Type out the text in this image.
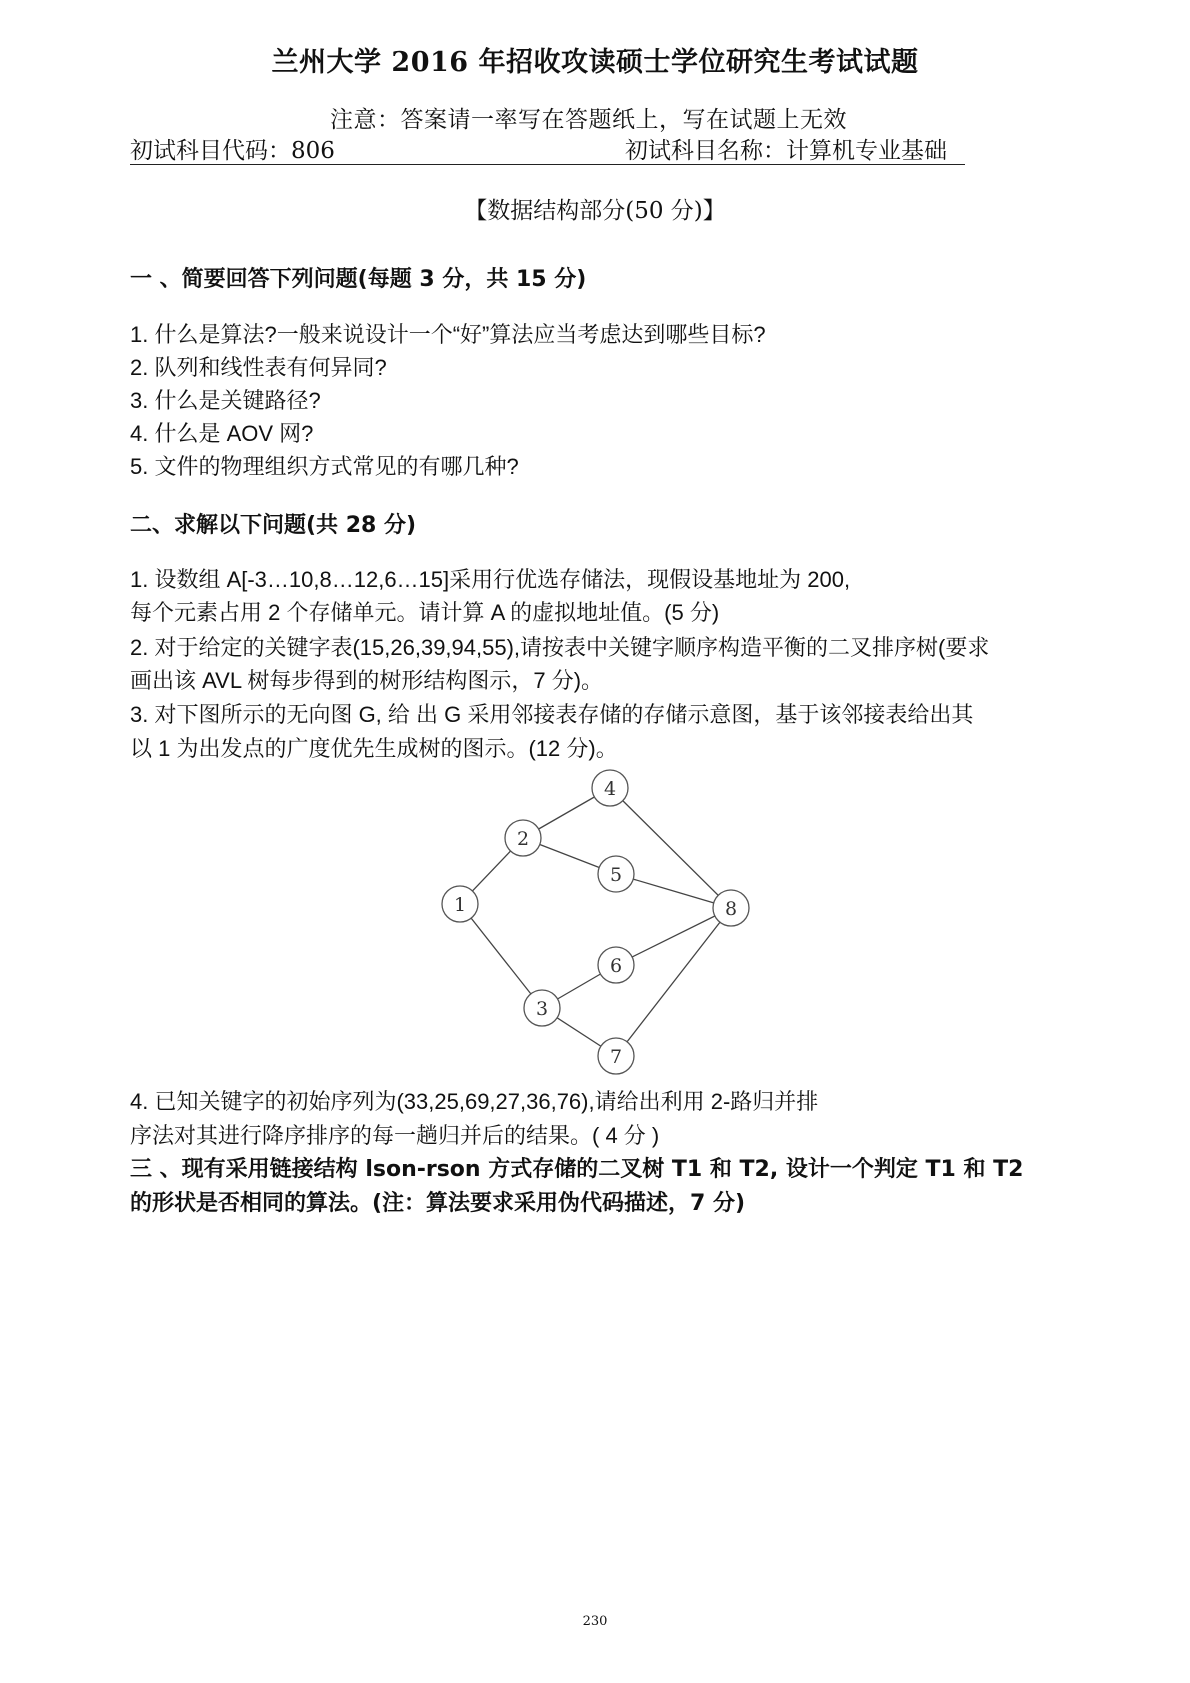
兰州大学 2016 年招收攻读硕士学位研究生考试试题
注意：答案请一率写在答题纸上，写在试题上无效
初试科目代码：806	初试科目名称：计算机专业基础
【数据结构部分(50 分)】
一 、简要回答下列问题(每题 3 分，共 15 分)
1. 什么是算法?一般来说设计一个“好”算法应当考虑达到哪些目标?
2. 队列和线性表有何异同?
3. 什么是关键路径?
4. 什么是 AOV 网?
5. 文件的物理组织方式常见的有哪几种?
二、求解以下问题(共 28 分)
1. 设数组 A[-3…10,8…12,6…15]采用行优选存储法，现假设基地址为 200,
每个元素占用 2 个存储单元。请计算 A 的虚拟地址值。(5 分)
2. 对于给定的关键字表(15,26,39,94,55),请按表中关键字顺序构造平衡的二叉排序树(要求
画出该 AVL 树每步得到的树形结构图示，7 分)。
3. 对下图所示的无向图 G, 给 出 G 采用邻接表存储的存储示意图，基于该邻接表给出其
以 1 为出发点的广度优先生成树的图示。(12 分)。
1
2
3
4
5
6
7
8
4. 已知关键字的初始序列为(33,25,69,27,36,76),请给出利用 2-路归并排
序法对其进行降序排序的每一趟归并后的结果。( 4 分 )
三 、现有采用链接结构 lson-rson 方式存储的二叉树 T1 和 T2, 设计一个判定 T1 和 T2
的形状是否相同的算法。(注：算法要求采用伪代码描述，7 分)
230
